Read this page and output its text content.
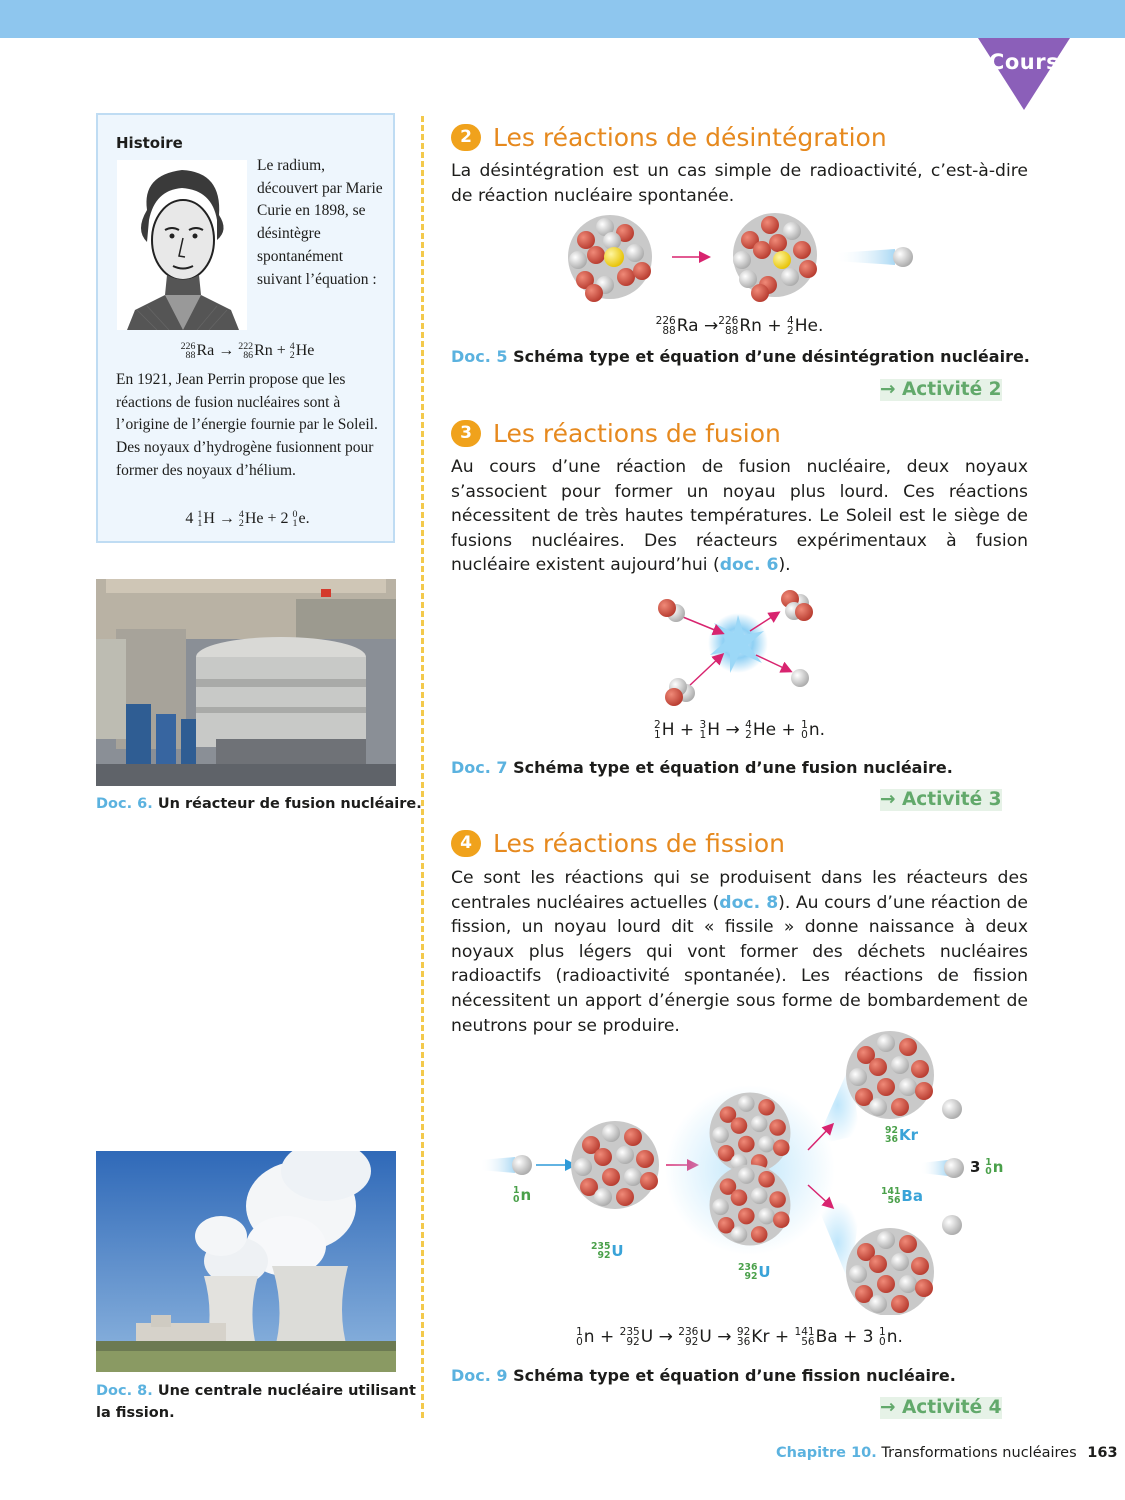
Cours
Histoire
Le radium, découvert par Marie Curie en 1898, se désintègre spontanément suivant l’équation :
226
88 Ra → 222
86 Rn + 4
2 He
En 1921, Jean Perrin propose que les réactions de fusion nucléaires sont à l’origine de l’énergie fournie par le Soleil. Des noyaux d’hydrogène fusionnent pour former des noyaux d’hélium.
4 1
1 H → 4
2 He + 2 0
1 e.
Doc. 6. Un réacteur de fusion nucléaire.
Doc. 8. Une centrale nucléaire utilisant
la fission.
2 Les réactions de désintégration
La désintégration est un cas simple de radioactivité, c’est-à-dire de réaction nucléaire spontanée.
226
88 Ra → 226
88 Rn + 4
2 He.
Doc. 5 Schéma type et équation d’une désintégration nucléaire.
→ Activité 2
3 Les réactions de fusion
Au cours d’une réaction de fusion nucléaire, deux noyaux s’associent pour former un noyau plus lourd. Ces réactions nécessitent de très hautes températures. Le Soleil est le siège de fusions nucléaires. Des réacteurs expérimentaux à fusion nucléaire existent aujourd’hui (doc. 6).
2
1 H + 3
1 H → 4
2 He + 1
0 n.
Doc. 7 Schéma type et équation d’une fusion nucléaire.
→ Activité 3
4 Les réactions de fission
Ce sont les réactions qui se produisent dans les réacteurs des centrales nucléaires actuelles (doc. 8). Au cours d’une réaction de fission, un noyau lourd dit « fissile » donne naissance à deux noyaux plus légers qui vont former des déchets nucléaires radioactifs (radioactivité spontanée). Les réactions de fission nécessitent un apport d’énergie sous forme de bombardement de neutrons pour se produire.
1
0 n
235
92 U
236
92 U
92
36 Kr
141
56 Ba
3 1
0 n
1
0 n + 235
92 U → 236
92 U → 92
36 Kr + 141
56 Ba + 3 1
0 n.
Doc. 9 Schéma type et équation d’une fission nucléaire.
→ Activité 4
Chapitre 10. Transformations nucléaires 163
